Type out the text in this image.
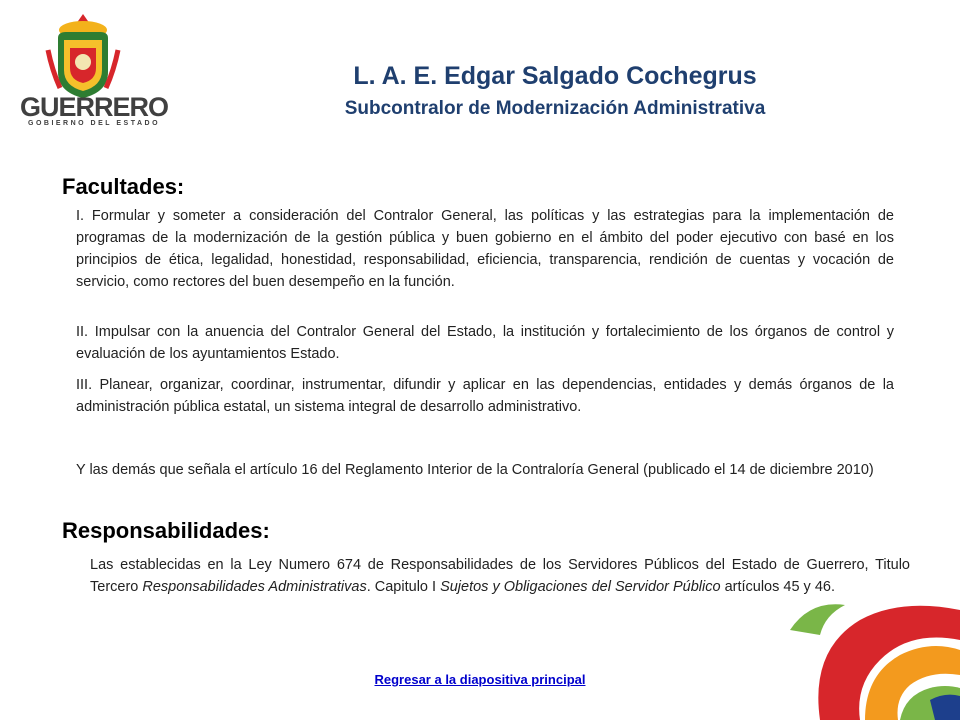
GUERRERO
GOBIERNO DEL ESTADO
L. A. E. Edgar Salgado Cochegrus
Subcontralor de Modernización Administrativa
Facultades:
I. Formular y someter a consideración del Contralor General, las políticas y las estrategias para la implementación de programas de la modernización de la gestión pública y buen gobierno en el ámbito del poder ejecutivo con basé en los principios de ética, legalidad, honestidad, responsabilidad, eficiencia, transparencia, rendición de cuentas y vocación de servicio, como rectores del buen desempeño en la función.
II. Impulsar con la anuencia del Contralor General del Estado, la institución y fortalecimiento de los órganos de control y evaluación de los ayuntamientos Estado.
III. Planear, organizar, coordinar, instrumentar, difundir y aplicar en las dependencias, entidades y demás órganos de la administración pública estatal, un sistema integral de desarrollo administrativo.
Y las demás que señala el artículo 16 del Reglamento Interior de la Contraloría General (publicado el 14 de diciembre 2010)
Responsabilidades:
Las establecidas en la Ley Numero 674 de Responsabilidades de los Servidores Públicos del Estado de Guerrero, Titulo Tercero Responsabilidades Administrativas. Capitulo I Sujetos y Obligaciones del Servidor Público artículos 45 y 46.
Regresar a la diapositiva principal
